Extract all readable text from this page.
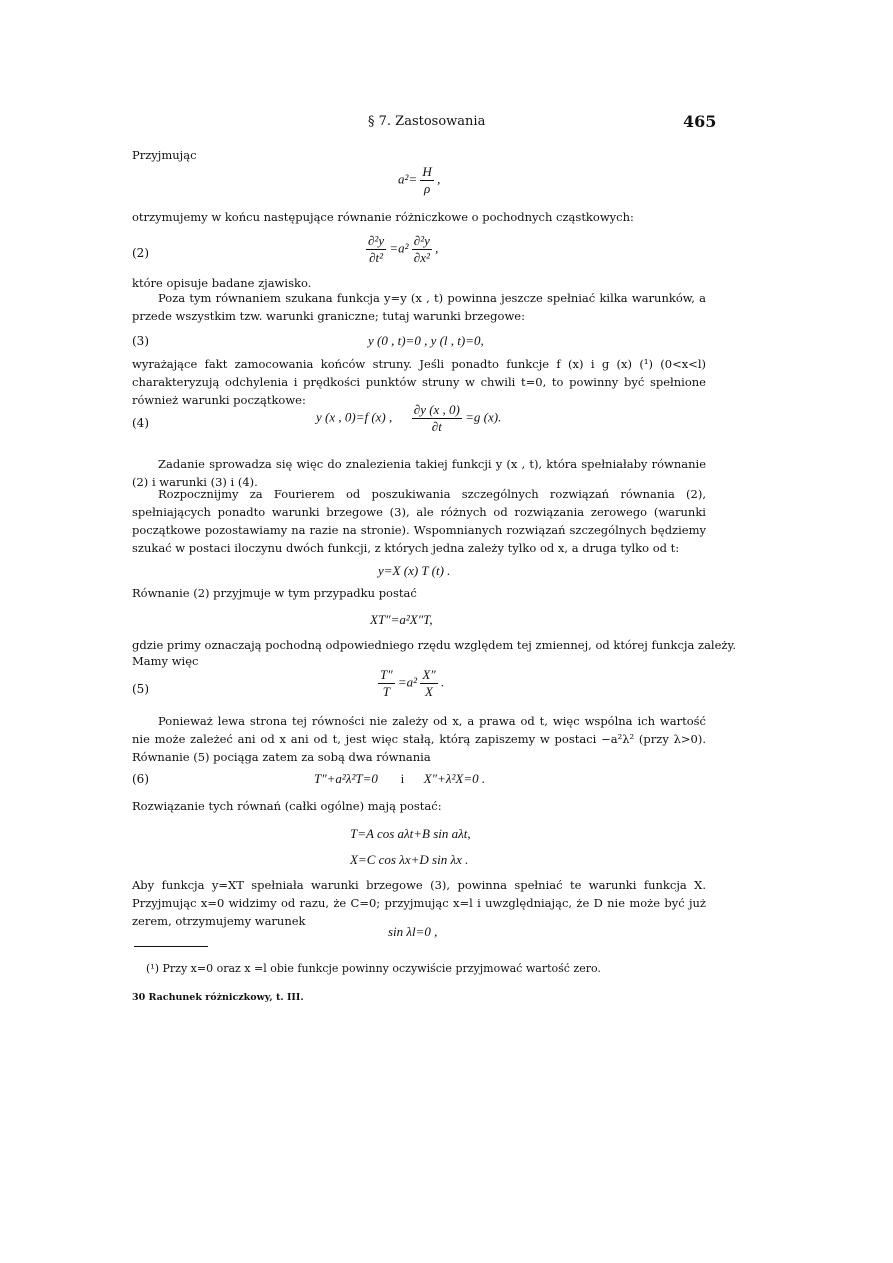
§ 7. Zastosowania	465
Przyjmując
$a^2= \frac{H}{\rho}$ ,
otrzymujemy w końcu następujące równanie różniczkowe o pochodnych cząstkowych:
(2)	$\frac{\text{∂²y}}{\text{∂t²}} =a^2 \frac{\text{∂²y}}{\text{∂x²}}$ ,
które opisuje badane zjawisko.
Poza tym równaniem szukana funkcja y=y (x , t) powinna jeszcze spełniać kilka warunków, a przede wszystkim tzw. warunki graniczne; tutaj warunki brzegowe:
(3)	y (0 , t)=0 , y (l , t)=0,
wyrażające fakt zamocowania końców struny. Jeśli ponadto funkcje f (x) i g (x) (¹) (0<x<l) charakteryzują odchylenia i prędkości punktów struny w chwili t=0, to powinny być spełnione również warunki początkowe:
(4)	y (x , 0)=f (x) , $\frac{\partial y (x , 0)}{\partial t} =g$ (x).
Zadanie sprowadza się więc do znalezienia takiej funkcji y (x , t), która spełniałaby równanie (2) i warunki (3) i (4).
Rozpocznijmy za Fourierem od poszukiwania szczególnych rozwiązań równania (2), spełniających ponadto warunki brzegowe (3), ale różnych od rozwiązania zerowego (warunki początkowe pozostawiamy na razie na stronie). Wspomnianych rozwiązań szczególnych będziemy szukać w postaci iloczynu dwóch funkcji, z których jedna zależy tylko od x, a druga tylko od t:
y=X (x) T (t) .
Równanie (2) przyjmuje w tym przypadku postać
XT″=a²X″T,
gdzie primy oznaczają pochodną odpowiedniego rzędu względem tej zmiennej, od której funkcja zależy.
Mamy więc
(5)	$\frac{T''}{T} =a^2 \frac{X''}{X}$ .
Ponieważ lewa strona tej równości nie zależy od x, a prawa od t, więc wspólna ich wartość nie może zależeć ani od x ani od t, jest więc stałą, którą zapiszemy w postaci −a²λ² (przy λ>0). Równanie (5) pociąga zatem za sobą dwa równania
(6)	T″+a²λ²T=0 i X″+λ²X=0 .
Rozwiązanie tych równań (całki ogólne) mają postać:
T=A cos aλt+B sin aλt,
X=C cos λx+D sin λx .
Aby funkcja y=XT spełniała warunki brzegowe (3), powinna spełniać te warunki funkcja X. Przyjmując x=0 widzimy od razu, że C=0; przyjmując x=l i uwzględniając, że D nie może być już zerem, otrzymujemy warunek
sin λl=0 ,
(¹) Przy x=0 oraz x =l obie funkcje powinny oczywiście przyjmować wartość zero.
30 Rachunek różniczkowy, t. III.
